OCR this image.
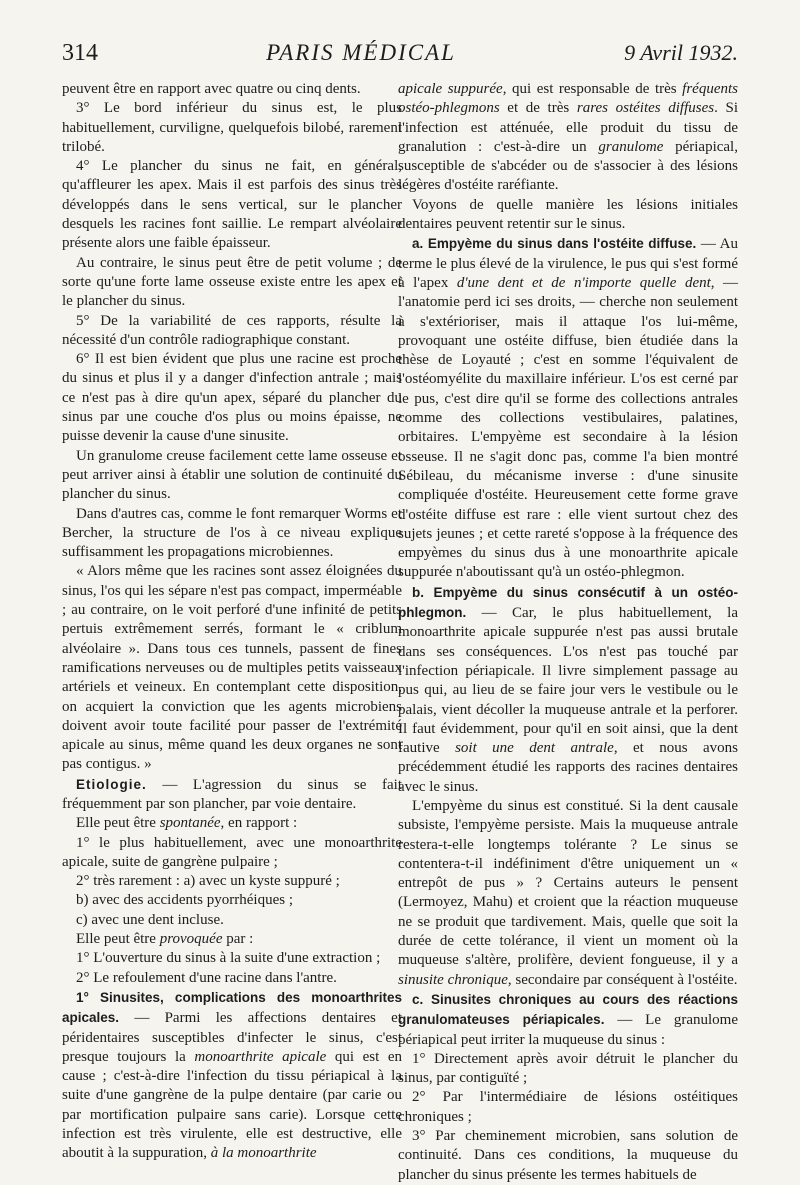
314	PARIS MÉDICAL	9 Avril 1932.

peuvent être en rapport avec quatre ou cinq dents.

3° Le bord inférieur du sinus est, le plus habituellement, curviligne, quelquefois bilobé, rarement trilobé.

4° Le plancher du sinus ne fait, en général, qu'affleurer les apex. Mais il est parfois des sinus très développés dans le sens vertical, sur le plancher desquels les racines font saillie. Le rempart alvéolaire présente alors une faible épaisseur.

Au contraire, le sinus peut être de petit volume ; de sorte qu'une forte lame osseuse existe entre les apex et le plancher du sinus.

5° De la variabilité de ces rapports, résulte la nécessité d'un contrôle radiographique constant.

6° Il est bien évident que plus une racine est proche du sinus et plus il y a danger d'infection antrale ; mais ce n'est pas à dire qu'un apex, séparé du plancher du sinus par une couche d'os plus ou moins épaisse, ne puisse devenir la cause d'une sinusite.

Un granulome creuse facilement cette lame osseuse et peut arriver ainsi à établir une solution de continuité du plancher du sinus.

Dans d'autres cas, comme le font remarquer Worms et Bercher, la structure de l'os à ce niveau explique suffisamment les propagations microbiennes.

« Alors même que les racines sont assez éloignées du sinus, l'os qui les sépare n'est pas compact, imperméable ; au contraire, on le voit perforé d'une infinité de petits pertuis extrêmement serrés, formant le « criblum alvéolaire ». Dans tous ces tunnels, passent de fines ramifications nerveuses ou de multiples petits vaisseaux artériels et veineux. En contemplant cette disposition, on acquiert la conviction que les agents microbiens doivent avoir toute facilité pour passer de l'extrémité apicale au sinus, même quand les deux organes ne sont pas contigus. »

Etiologie. — L'agression du sinus se fait fréquemment par son plancher, par voie dentaire.

Elle peut être spontanée, en rapport :

1° le plus habituellement, avec une monoarthrite apicale, suite de gangrène pulpaire ;

2° très rarement : a) avec un kyste suppuré ;

b) avec des accidents pyorrhéiques ;

c) avec une dent incluse.

Elle peut être provoquée par :

1° L'ouverture du sinus à la suite d'une extraction ;

2° Le refoulement d'une racine dans l'antre.

1° Sinusites, complications des monoarthrites apicales. — Parmi les affections dentaires et péridentaires susceptibles d'infecter le sinus, c'est presque toujours la monoarthrite apicale qui est en cause ; c'est-à-dire l'infection du tissu périapical à la suite d'une gangrène de la pulpe dentaire (par carie ou par mortification pulpaire sans carie). Lorsque cette infection est très virulente, elle est destructive, elle aboutit à la suppuration, à la monoarthrite

apicale suppurée, qui est responsable de très fréquents ostéo-phlegmons et de très rares ostéites diffuses. Si l'infection est atténuée, elle produit du tissu de granalution : c'est-à-dire un granulome périapical, susceptible de s'abcéder ou de s'associer à des lésions légères d'ostéite raréfiante.

Voyons de quelle manière les lésions initiales dentaires peuvent retentir sur le sinus.

a. Empyème du sinus dans l'ostéite diffuse. — Au terme le plus élevé de la virulence, le pus qui s'est formé à l'apex d'une dent et de n'importe quelle dent, — l'anatomie perd ici ses droits, — cherche non seulement à s'extérioriser, mais il attaque l'os lui-même, provoquant une ostéite diffuse, bien étudiée dans la thèse de Loyauté ; c'est en somme l'équivalent de l'ostéomyélite du maxillaire inférieur. L'os est cerné par le pus, c'est dire qu'il se forme des collections antrales comme des collections vestibulaires, palatines, orbitaires. L'empyème est secondaire à la lésion osseuse. Il ne s'agit donc pas, comme l'a bien montré Sébileau, du mécanisme inverse : d'une sinusite compliquée d'ostéite. Heureusement cette forme grave d'ostéite diffuse est rare : elle vient surtout chez des sujets jeunes ; et cette rareté s'oppose à la fréquence des empyèmes du sinus dus à une monoarthrite apicale suppurée n'aboutissant qu'à un ostéo-phlegmon.

b. Empyème du sinus consécutif à un ostéo-phlegmon. — Car, le plus habituellement, la monoarthrite apicale suppurée n'est pas aussi brutale dans ses conséquences. L'os n'est pas touché par l'infection périapicale. Il livre simplement passage au pus qui, au lieu de se faire jour vers le vestibule ou le palais, vient décoller la muqueuse antrale et la perforer. Il faut évidemment, pour qu'il en soit ainsi, que la dent fautive soit une dent antrale, et nous avons précédemment étudié les rapports des racines dentaires avec le sinus.

L'empyème du sinus est constitué. Si la dent causale subsiste, l'empyème persiste. Mais la muqueuse antrale restera-t-elle longtemps tolérante ? Le sinus se contentera-t-il indéfiniment d'être uniquement un « entrepôt de pus » ? Certains auteurs le pensent (Lermoyez, Mahu) et croient que la réaction muqueuse ne se produit que tardivement. Mais, quelle que soit la durée de cette tolérance, il vient un moment où la muqueuse s'altère, prolifère, devient fongueuse, il y a sinusite chronique, secondaire par conséquent à l'ostéite.

c. Sinusites chroniques au cours des réactions granulomateuses périapicales. — Le granulome périapical peut irriter la muqueuse du sinus :

1° Directement après avoir détruit le plancher du sinus, par contiguïté ;

2° Par l'intermédiaire de lésions ostéitiques chroniques ;

3° Par cheminement microbien, sans solution de continuité. Dans ces conditions, la muqueuse du plancher du sinus présente les termes habituels de
